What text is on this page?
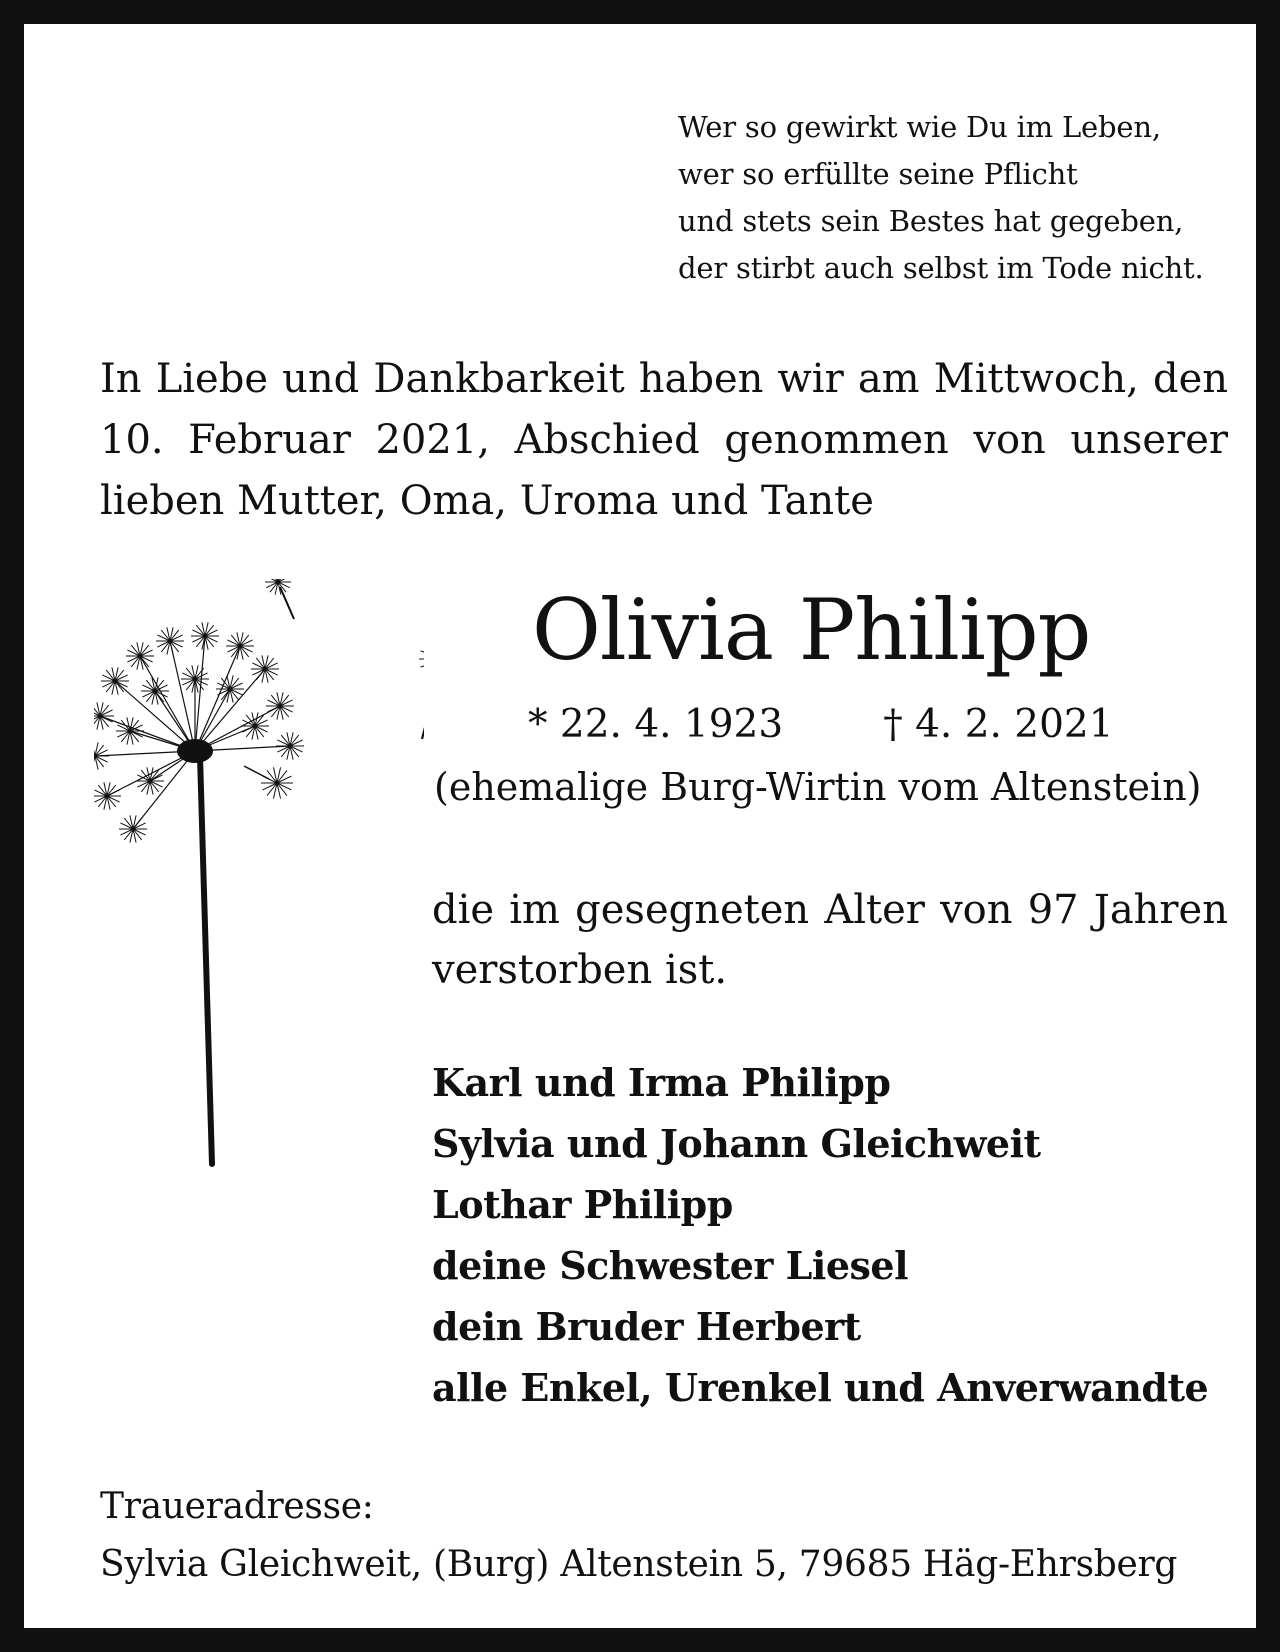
Wer so gewirkt wie Du im Leben,
wer so erfüllte seine Pflicht
und stets sein Bestes hat gegeben,
der stirbt auch selbst im Tode nicht.
In Liebe und Dankbarkeit haben wir am Mittwoch, den
10. Februar 2021, Abschied genommen von unserer
lieben Mutter, Oma, Uroma und Tante
Olivia Philipp
* 22. 4. 1923	† 4. 2. 2021
(ehemalige Burg-Wirtin vom Altenstein)
die im gesegneten Alter von 97 Jahren
verstorben ist.
Karl und Irma Philipp
Sylvia und Johann Gleichweit
Lothar Philipp
deine Schwester Liesel
dein Bruder Herbert
alle Enkel, Urenkel und Anverwandte
Traueradresse:
Sylvia Gleichweit, (Burg) Altenstein 5, 79685 Häg-Ehrsberg
